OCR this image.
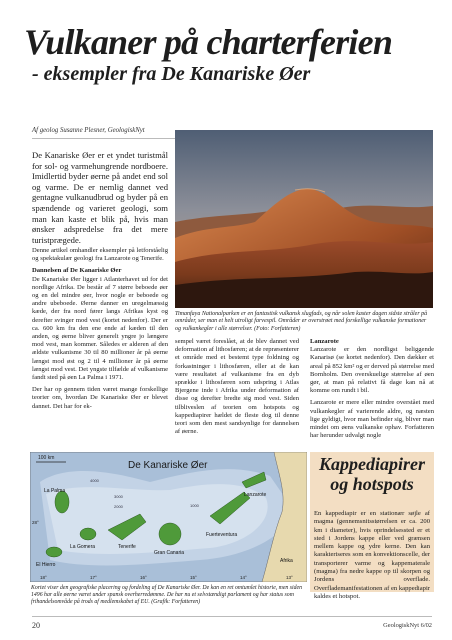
Vulkaner på charterferien
- eksempler fra De Kanariske Øer
Af geolog Susanne Plesner, GeologiskNyt

De Kanariske Øer er et yndet turistmål for sol- og varmehungrende nordboere. Imidlertid byder øerne på andet end sol og varme. De er nemlig dannet ved gentagne vulkanudbrud og byder på en spændende og varieret geologi, som man kan kaste et blik på, hvis man ønsker adspredelse fra det mere turistprægede.

Denne artikel omhandler eksempler på letforståelig og spektakulær geologi fra Lanzarote og Tenerife.

Dannelsen af De Kanariske Øer

De Kanariske Øer ligger i Atlanterhavet ud for det nordlige Afrika. De består af 7 større beboede øer og en del mindre øer, hvor nogle er beboede og andre ubeboede. Øerne danner en uregelmæssig kæde, der fra nord fører langs Afrikas kyst og derefter svinger mod vest (kortet nedenfor). Der er ca. 600 km fra den ene ende af kæden til den anden, og øerne bliver generelt yngre jo længere mod vest, man kommer. Således er alderen af den ældste vulkanisme 30 til 80 millioner år på øerne længst mod øst og 2 til 4 millioner år på øerne længst mod vest. Det yngste tilfælde af vulkanisme fandt sted på øen La Palma i 1971.

Der har op gennem tiden været mange forskellige teorier om, hvordan De Kanariske Øer er blevet dannet. Det har for ek-

Timanfaya Nationalparken er en fantastisk vulkansk slugfads, og når solen kaster dagen sidste stråler på områder, ser man et helt utroligt farvespil. Områder er overstrøet med forskellige vulkanske formationer og vulkankegler i alle størrelser. (Foto: Forfatteren)

sempel været foreslået, at de blev dannet ved deformation af lithosfæren; at de repræsenterer et område med et bestemt type foldning og forkastninger i lithosfæren, eller at de kan være resultatet af vulkanisme fra en dyb sprække i lithosfæren som udspring i Atlas Bjergene inde i Afrika under deformation af disse og derefter bredte sig mod vest. Siden tilbliveslen af teorien om hotspots og kappediapirer hældet de fleste dog til denne teori som den mest sandsynlige for dannelsen af øerne.

Lanzarote

Lanzarote er den nordligst beliggende Kanarisø (se kortet nedenfor). Den dækker et areal på 852 km² og er derved på størrelse med Bornholm. Den overskuelige størrelse af øen gør, at man på relativt få dage kan nå at komme om rundt i bil.

Lanzarote er mere eller mindre overstået med vulkankegler af varierende aldre, og næsten lige gyldigt, hvor man befinder sig, bliver man mindet om øens vulkanske ophav. Forfatteren har herunder udvalgt nogle

100 km
De Kanariske Øer
4000
3000
2000	1000
La Palma
La Gomera
El Hierro
Tenerife
Gran Canaria
Fuerteventura
Lanzarote
Afrika
18°	17°	16°	15°	14°	13°
28°

Kortet viser den geografiske placering og fordeling af De Kanariske Øer. De kan en ret omtumlet historie, men siden 1496 har alle øerne været under spansk overherredømme. De har nu et selvstændigt parlament og har status som frihandelsomvåde på trods af medlemskabet af EU. (Grafik: Forfatteren)

Kappediapirer og hotspots

En kappediapir er en stationær søjle af magma (gennemsnitsstørrelsen er ca. 200 km i diameter), hvis oprindelsessted er et sted i Jordens kappe eller ved grænsen mellem kappe og ydre kerne. Den kan karakteriseres som en konvektionscelle, der transporterer varme og kappematerale (magma) fra nedre kappe op til skorpen og Jordens overflade. Overflademanifestationen af en kappediapir kaldes et hotspot.

20	GeologiskNyt 6/02
